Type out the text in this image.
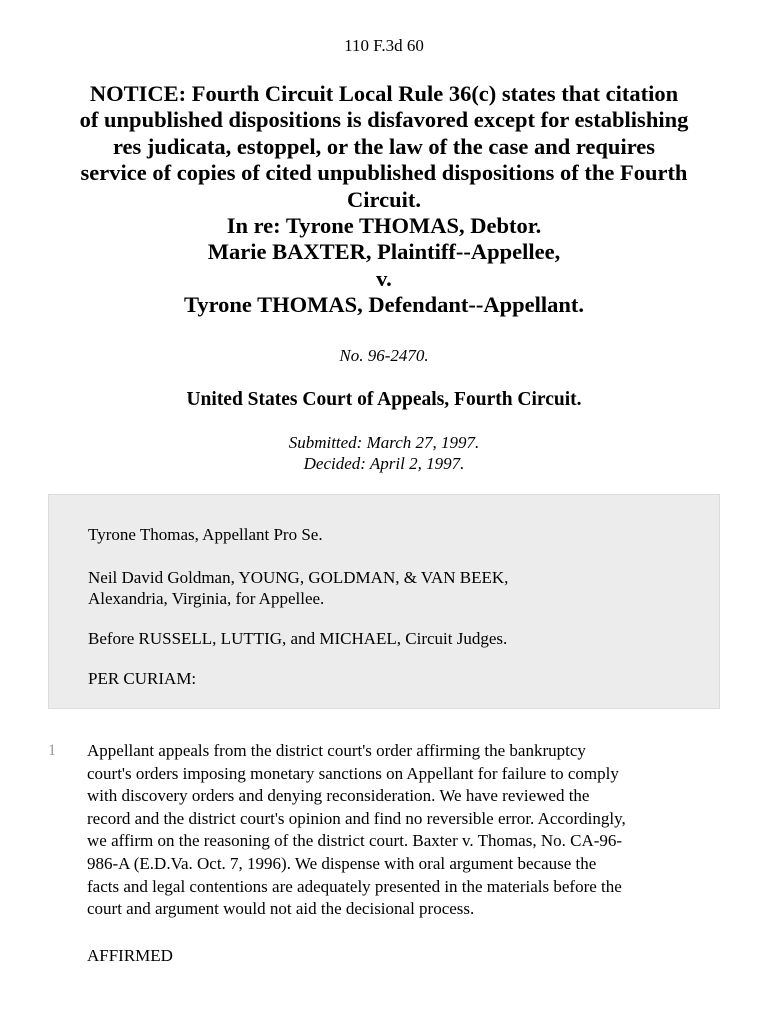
110 F.3d 60
NOTICE: Fourth Circuit Local Rule 36(c) states that citation
of unpublished dispositions is disfavored except for establishing
res judicata, estoppel, or the law of the case and requires
service of copies of cited unpublished dispositions of the Fourth
Circuit.
In re: Tyrone THOMAS, Debtor.
Marie BAXTER, Plaintiff--Appellee,
v.
Tyrone THOMAS, Defendant--Appellant.
No. 96-2470.
United States Court of Appeals, Fourth Circuit.
Submitted: March 27, 1997.
Decided: April 2, 1997.
Tyrone Thomas, Appellant Pro Se.
Neil David Goldman, YOUNG, GOLDMAN, & VAN BEEK,
Alexandria, Virginia, for Appellee.
Before RUSSELL, LUTTIG, and MICHAEL, Circuit Judges.
PER CURIAM:
1 Appellant appeals from the district court's order affirming the bankruptcy
court's orders imposing monetary sanctions on Appellant for failure to comply
with discovery orders and denying reconsideration. We have reviewed the
record and the district court's opinion and find no reversible error. Accordingly,
we affirm on the reasoning of the district court. Baxter v. Thomas, No. CA-96-
986-A (E.D.Va. Oct. 7, 1996). We dispense with oral argument because the
facts and legal contentions are adequately presented in the materials before the
court and argument would not aid the decisional process.
AFFIRMED
